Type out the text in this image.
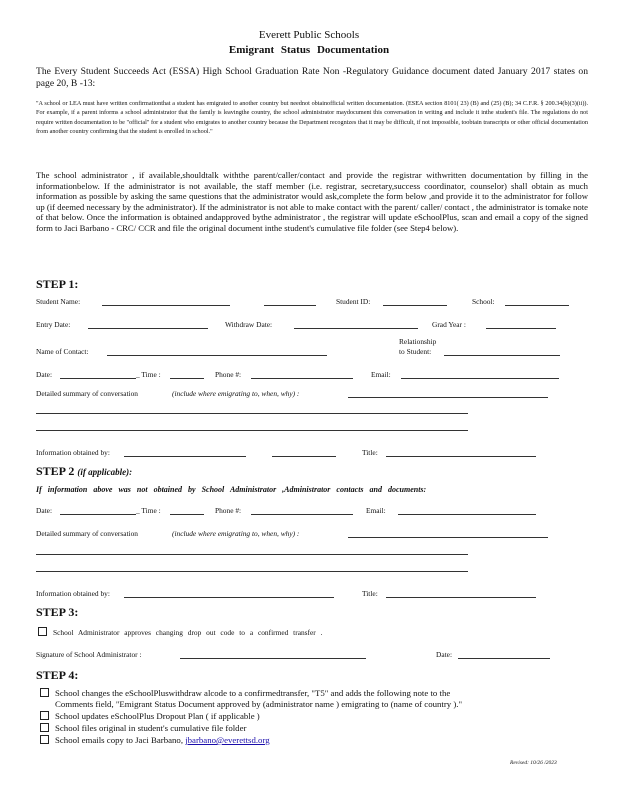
Everett Public Schools
Emigrant Status Documentation
The Every Student Succeeds Act (ESSA) High School Graduation Rate Non -Regulatory Guidance document dated January 2017 states on page 20, B -13:
"A school or LEA must have written confirmationthat a student has emigrated to another country but neednot obtainofficial written documentation. (ESEA section 8101( 23) (B) and (25) (B); 34 C.F.R. § 200.34(b)(3)(ii)). For example, if a parent informs a school administrator that the family is leavingthe country, the school administrator maydocument this conversation in writing and include it inthe student's file. The regulations do not require written documentation to be "official" for a student who emigrates to another country because the Department recognizes that it may be difficult, if not impossible, toobtain transcripts or other official documentation from another country confirming that the student is enrolled in school."
The school administrator , if available,shouldtalk withthe parent/caller/contact and provide the registrar withwritten documentation by filling in the informationbelow. If the administrator is not available, the staff member (i.e. registrar, secretary,success coordinator, counselor) shall obtain as much information as possible by asking the same questions that the administrator would ask,complete the form below ,and provide it to the administrator for follow up (if deemed necessary by the administrator). If the administrator is not able to make contact with the parent/ caller/ contact , the administrator is tomake note of that below. Once the information is obtained andapproved bythe administrator , the registrar will update eSchoolPlus, scan and email a copy of the signed form to Jaci Barbano - CRC/ CCR and file the original document inthe student's cumulative file folder (see Step4 below).
STEP 1:
Student Name:	Student ID:	School:
Entry Date:	Withdraw Date:	Grad Year :
Relationship
Name of Contact:	to Student:
Date:	_ Time :	Phone #:	Email:
Detailed summary of conversation	(include where emigrating to, when, why) :
Information obtained by:	Title:
STEP 2 (if applicable):
If information above was not obtained by School Administrator ,Administrator contacts and documents:
Date:	_ Time :	Phone #:	Email:
Detailed summary of conversation	(include where emigrating to, when, why) :
Information obtained by:	Title:
STEP 3:
School Administrator approves changing drop out code to a confirmed transfer .
Signature of School Administrator :	Date:
STEP 4:
School changes the eSchoolPluswithdraw alcode to a confirmedtransfer, "T5" and adds the following note to the
Comments field, "Emigrant Status Document approved by (administrator name ) emigrating to (name of country )."
School updates eSchoolPlus Dropout Plan ( if applicable )
School files original in student's cumulative file folder
School emails copy to Jaci Barbano, jbarbano@everettsd.org
Revised: 10/26 /2023
